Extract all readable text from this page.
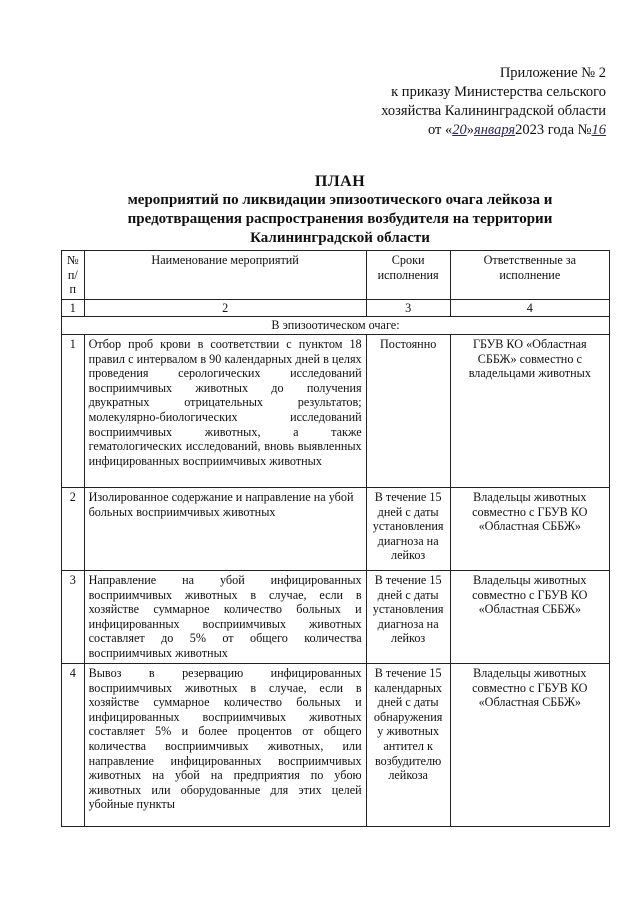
Приложение № 2
к приказу Министерства сельского
хозяйства Калининградской области
от «20»января2023 года №16
ПЛАН
мероприятий по ликвидации эпизоотического очага лейкоза и
предотвращения распространения возбудителя на территории
Калининградской области
№ п/п	Наименование мероприятий	Сроки исполнения	Ответственные за исполнение
1	2	3	4
В эпизоотическом очаге:			
1	Отбор проб крови в соответствии с пунктом 18 правил с интервалом в 90 календарных дней в целях проведения серологических исследований восприимчивых животных до получения двукратных отрицательных результатов; молекулярно-биологических исследований восприимчивых животных, а также гематологических исследований, вновь выявленных инфицированных восприимчивых животных	Постоянно	ГБУВ КО «Областная СББЖ» совместно с владельцами животных
2	Изолированное содержание и направление на убой больных восприимчивых животных	В течение 15 дней с даты установления диагноза на лейкоз	Владельцы животных совместно с ГБУВ КО «Областная СББЖ»
3	Направление на убой инфицированных восприимчивых животных в случае, если в хозяйстве суммарное количество больных и инфицированных восприимчивых животных составляет до 5% от общего количества восприимчивых животных	В течение 15 дней с даты установления диагноза на лейкоз	Владельцы животных совместно с ГБУВ КО «Областная СББЖ»
4	Вывоз в резервацию инфицированных восприимчивых животных в случае, если в хозяйстве суммарное количество больных и инфицированных восприимчивых животных составляет 5% и более процентов от общего количества восприимчивых животных, или направление инфицированных восприимчивых животных на убой на предприятия по убою животных или оборудованные для этих целей убойные пункты	В течение 15 календарных дней с даты обнаружения у животных антител к возбудителю лейкоза	Владельцы животных совместно с ГБУВ КО «Областная СББЖ»
